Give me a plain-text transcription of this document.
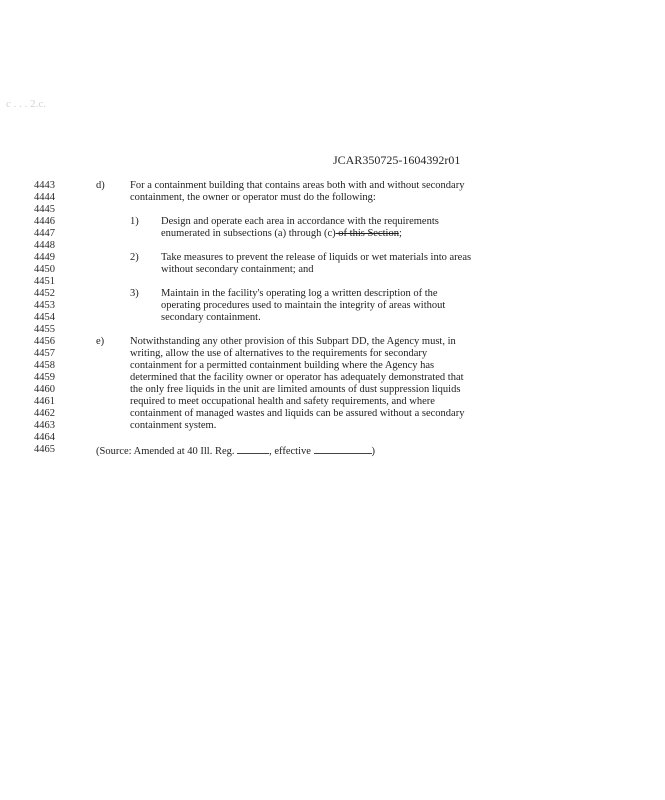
c . . . 2.c.
JCAR350725-1604392r01
4443
4444
4445
4446
4447
4448
4449
4450
4451
4452
4453
4454
4455
4456
4457
4458
4459
4460
4461
4462
4463
4464
4465
d) For a containment building that contains areas both with and without secondary
containment, the owner or operator must do the following:
1) Design and operate each area in accordance with the requirements
enumerated in subsections (a) through (c) of this Section;
2) Take measures to prevent the release of liquids or wet materials into areas
without secondary containment; and
3) Maintain in the facility's operating log a written description of the
operating procedures used to maintain the integrity of areas without
secondary containment.
e) Notwithstanding any other provision of this Subpart DD, the Agency must, in
writing, allow the use of alternatives to the requirements for secondary
containment for a permitted containment building where the Agency has
determined that the facility owner or operator has adequately demonstrated that
the only free liquids in the unit are limited amounts of dust suppression liquids
required to meet occupational health and safety requirements, and where
containment of managed wastes and liquids can be assured without a secondary
containment system.
(Source: Amended at 40 Ill. Reg.	, effective	)
